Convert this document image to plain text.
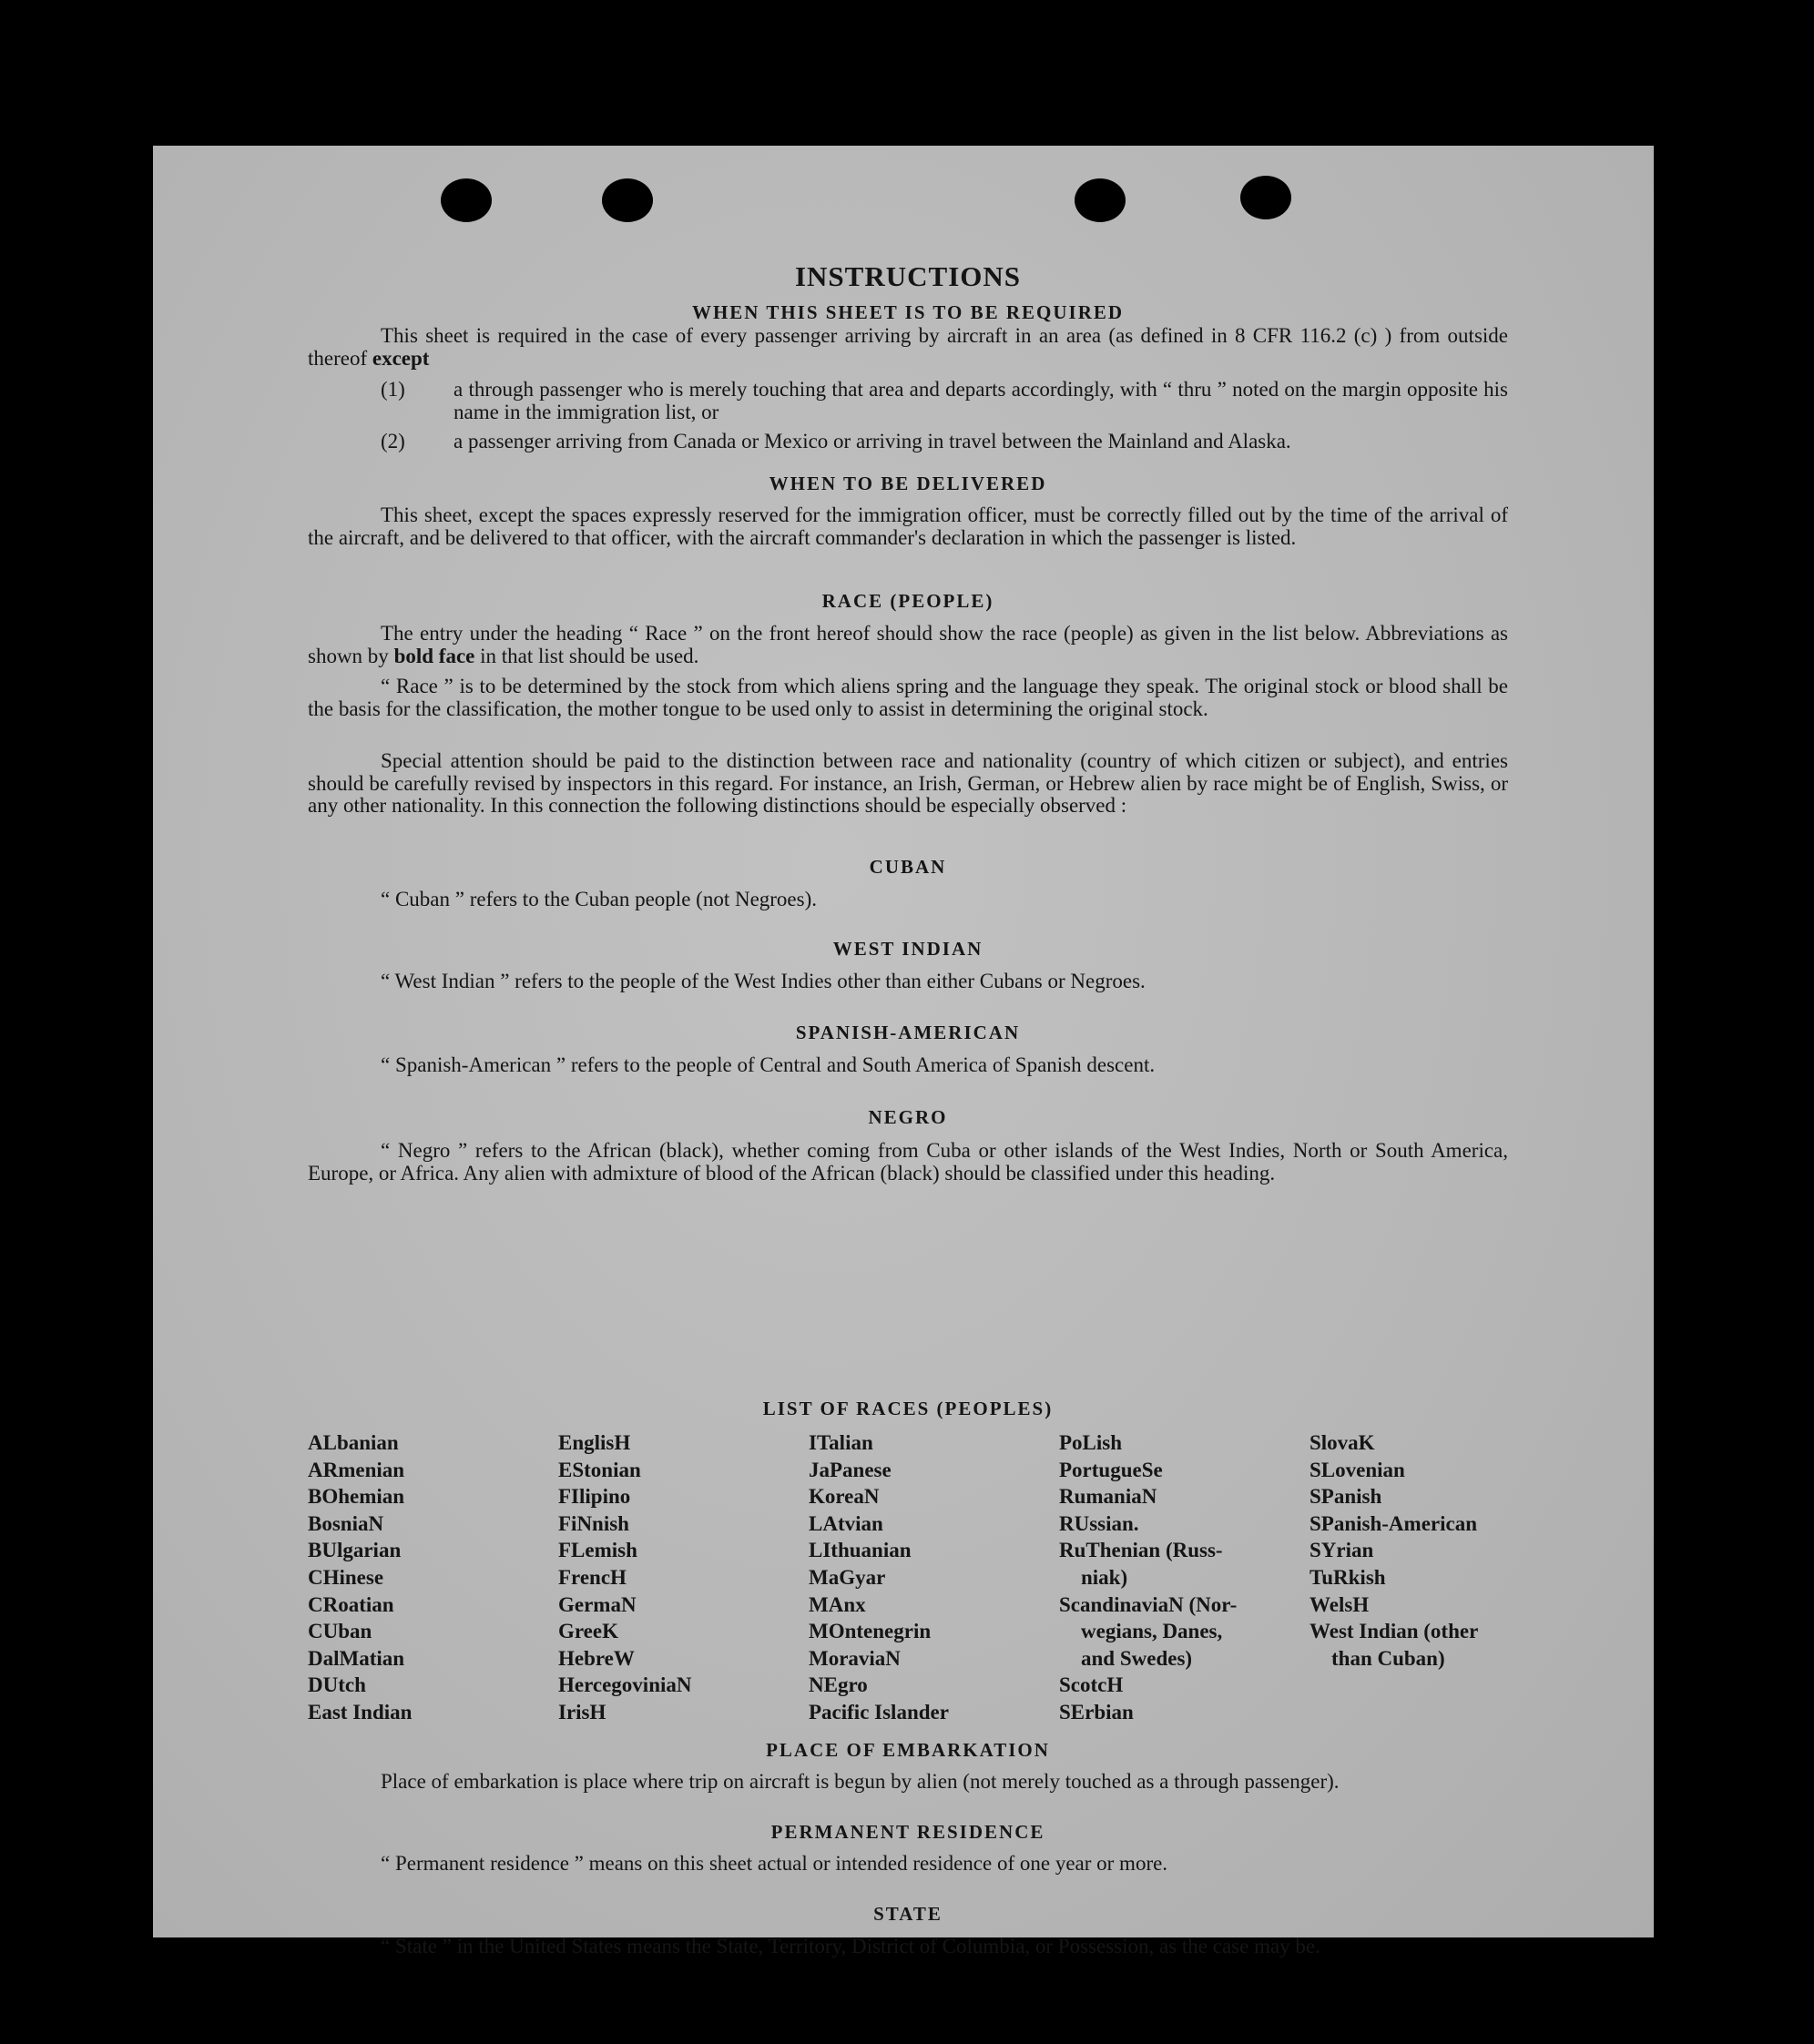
INSTRUCTIONS
WHEN THIS SHEET IS TO BE REQUIRED

This sheet is required in the case of every passenger arriving by aircraft in an area (as defined in 8 CFR 116.2 (c) ) from outside thereof except

(1) a through passenger who is merely touching that area and departs accordingly, with “ thru ” noted on the margin opposite his name in the immigration list, or
(2) a passenger arriving from Canada or Mexico or arriving in travel between the Mainland and Alaska.
WHEN TO BE DELIVERED

This sheet, except the spaces expressly reserved for the immigration officer, must be correctly filled out by the time of the arrival of the aircraft, and be delivered to that officer, with the aircraft commander's declaration in which the passenger is listed.

RACE (PEOPLE)

The entry under the heading “ Race ” on the front hereof should show the race (people) as given in the list below. Abbreviations as shown by bold face in that list should be used.

“ Race ” is to be determined by the stock from which aliens spring and the language they speak. The original stock or blood shall be the basis for the classification, the mother tongue to be used only to assist in determining the original stock.

Special attention should be paid to the distinction between race and nationality (country of which citizen or subject), and entries should be carefully revised by inspectors in this regard. For instance, an Irish, German, or Hebrew alien by race might be of English, Swiss, or any other nationality. In this connection the following distinctions should be especially observed :

CUBAN
“ Cuban ” refers to the Cuban people (not Negroes).
WEST INDIAN
“ West Indian ” refers to the people of the West Indies other than either Cubans or Negroes.
SPANISH-AMERICAN
“ Spanish-American ” refers to the people of Central and South America of Spanish descent.
NEGRO

“ Negro ” refers to the African (black), whether coming from Cuba or other islands of the West Indies, North or South America, Europe, or Africa. Any alien with admixture of blood of the African (black) should be classified under this heading.

LIST OF RACES (PEOPLES)
ALbanian
ARmenian
BOhemian
BosniaN
BUlgarian
CHinese
CRoatian
CUban
DalMatian
DUtch
East Indian
EnglisH
EStonian
FIlipino
FiNnish
FLemish
FrencH
GermaN
GreeK
HebreW
HercegoviniaN
IrisH
ITalian
JaPanese
KoreaN
LAtvian
LIthuanian
MaGyar
MAnx
MOntenegrin
MoraviaN
NEgro
Pacific Islander
PoLish
PortugueSe
RumaniaN
RUssian.
RuThenian (Russ-
niak)
ScandinaviaN (Nor-
wegians, Danes,
and Swedes)
ScotcH
SErbian
SlovaK
SLovenian
SPanish
SPanish-American
SYrian
TuRkish
WelsH
West Indian (other
than Cuban)
PLACE OF EMBARKATION

Place of embarkation is place where trip on aircraft is begun by alien (not merely touched as a through passenger).

PERMANENT RESIDENCE
“ Permanent residence ” means on this sheet actual or intended residence of one year or more.
STATE

“ State ” in the United States means the State, Territory, District of Columbia, or Possession, as the case may be.
